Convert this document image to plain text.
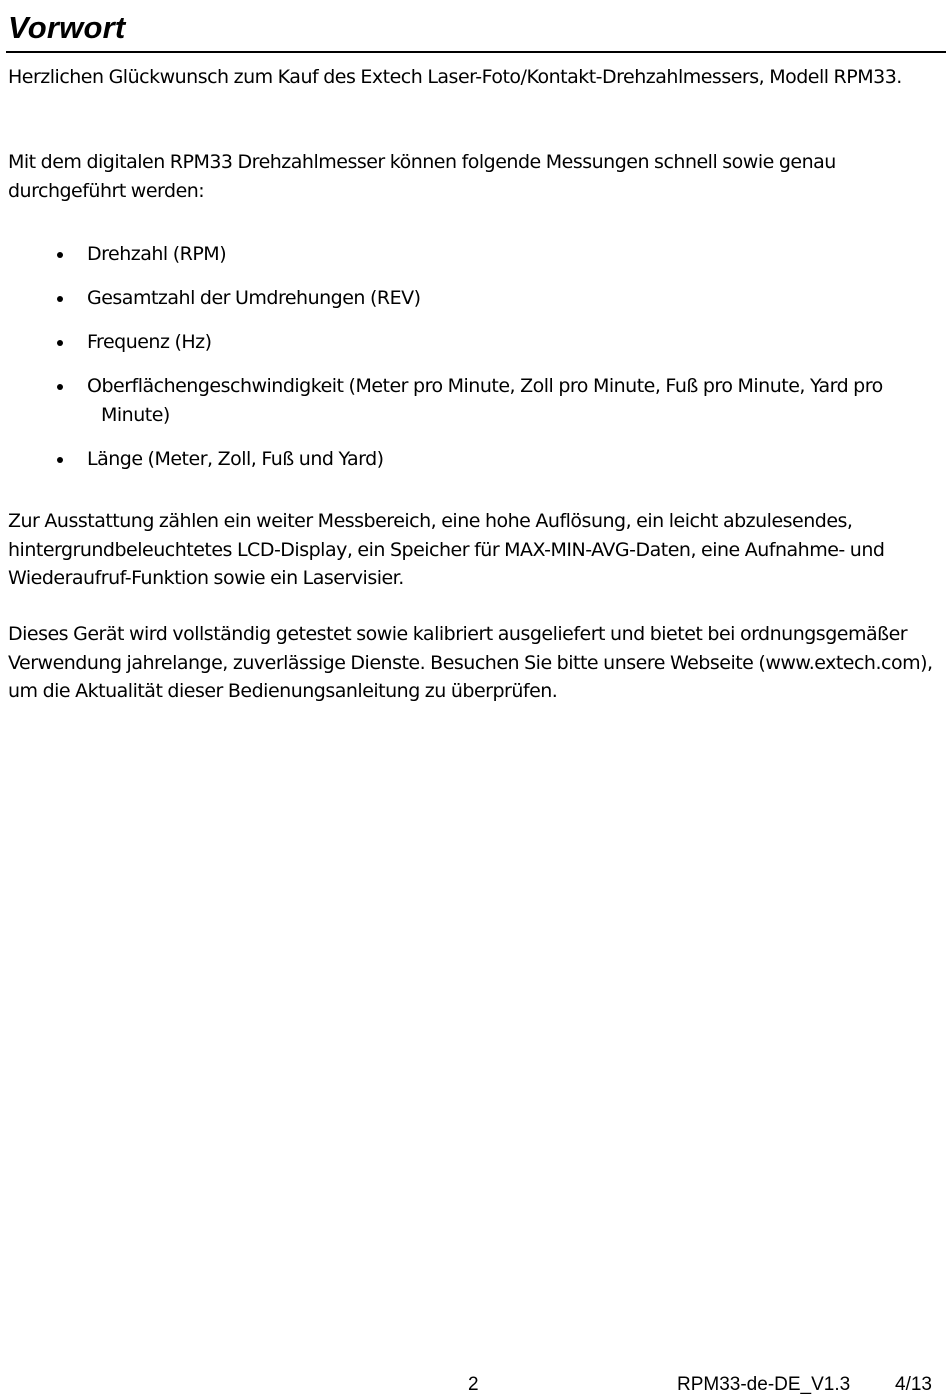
Vorwort

Herzlichen Glückwunsch zum Kauf des Extech Laser-Foto/Kontakt-Drehzahlmessers, Modell RPM33.

Mit dem digitalen RPM33 Drehzahlmesser können folgende Messungen schnell sowie genau durchgeführt werden:

Drehzahl (RPM)
Gesamtzahl der Umdrehungen (REV)
Frequenz (Hz)
Oberflächengeschwindigkeit (Meter pro Minute, Zoll pro Minute, Fuß pro Minute, Yard pro Minute)
Länge (Meter, Zoll, Fuß und Yard)

Zur Ausstattung zählen ein weiter Messbereich, eine hohe Auflösung, ein leicht abzulesendes, hintergrundbeleuchtetes LCD-Display, ein Speicher für MAX-MIN-AVG-Daten, eine Aufnahme- und Wiederaufruf-Funktion sowie ein Laservisier.

Dieses Gerät wird vollständig getestet sowie kalibriert ausgeliefert und bietet bei ordnungsgemäßer Verwendung jahrelange, zuverlässige Dienste. Besuchen Sie bitte unsere Webseite (www.extech.com), um die Aktualität dieser Bedienungsanleitung zu überprüfen.

2	RPM33-de-DE_V1.3 4/13
